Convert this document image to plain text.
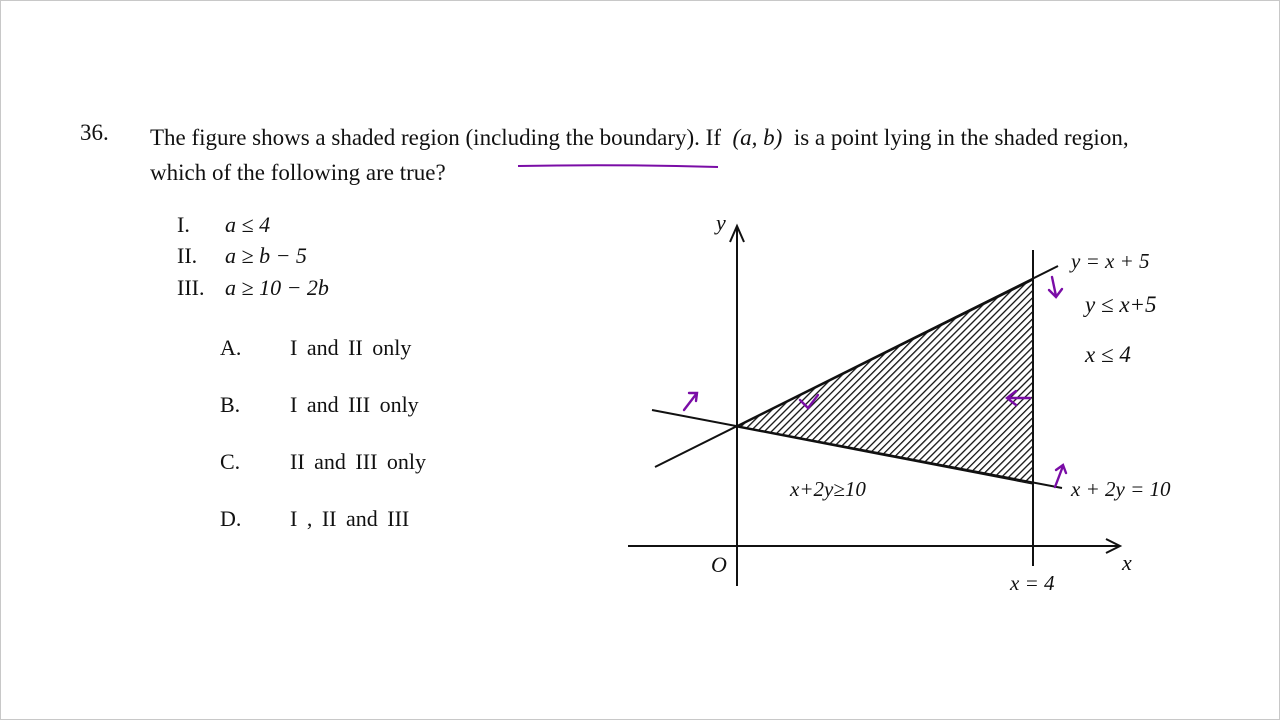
36. The figure shows a shaded region (including the boundary). If (a, b) is a point lying in the shaded region,
which of the following are true?
I. a ≤ 4
II. a ≥ b − 5
III. a ≥ 10 − 2b
A. I and II only
B. I and III only
C. II and III only
D. I , II and III
y
x
O
y = x + 5
x + 2y = 10
x = 4
y ≤ x+5
x ≤ 4
x+2y≥10
